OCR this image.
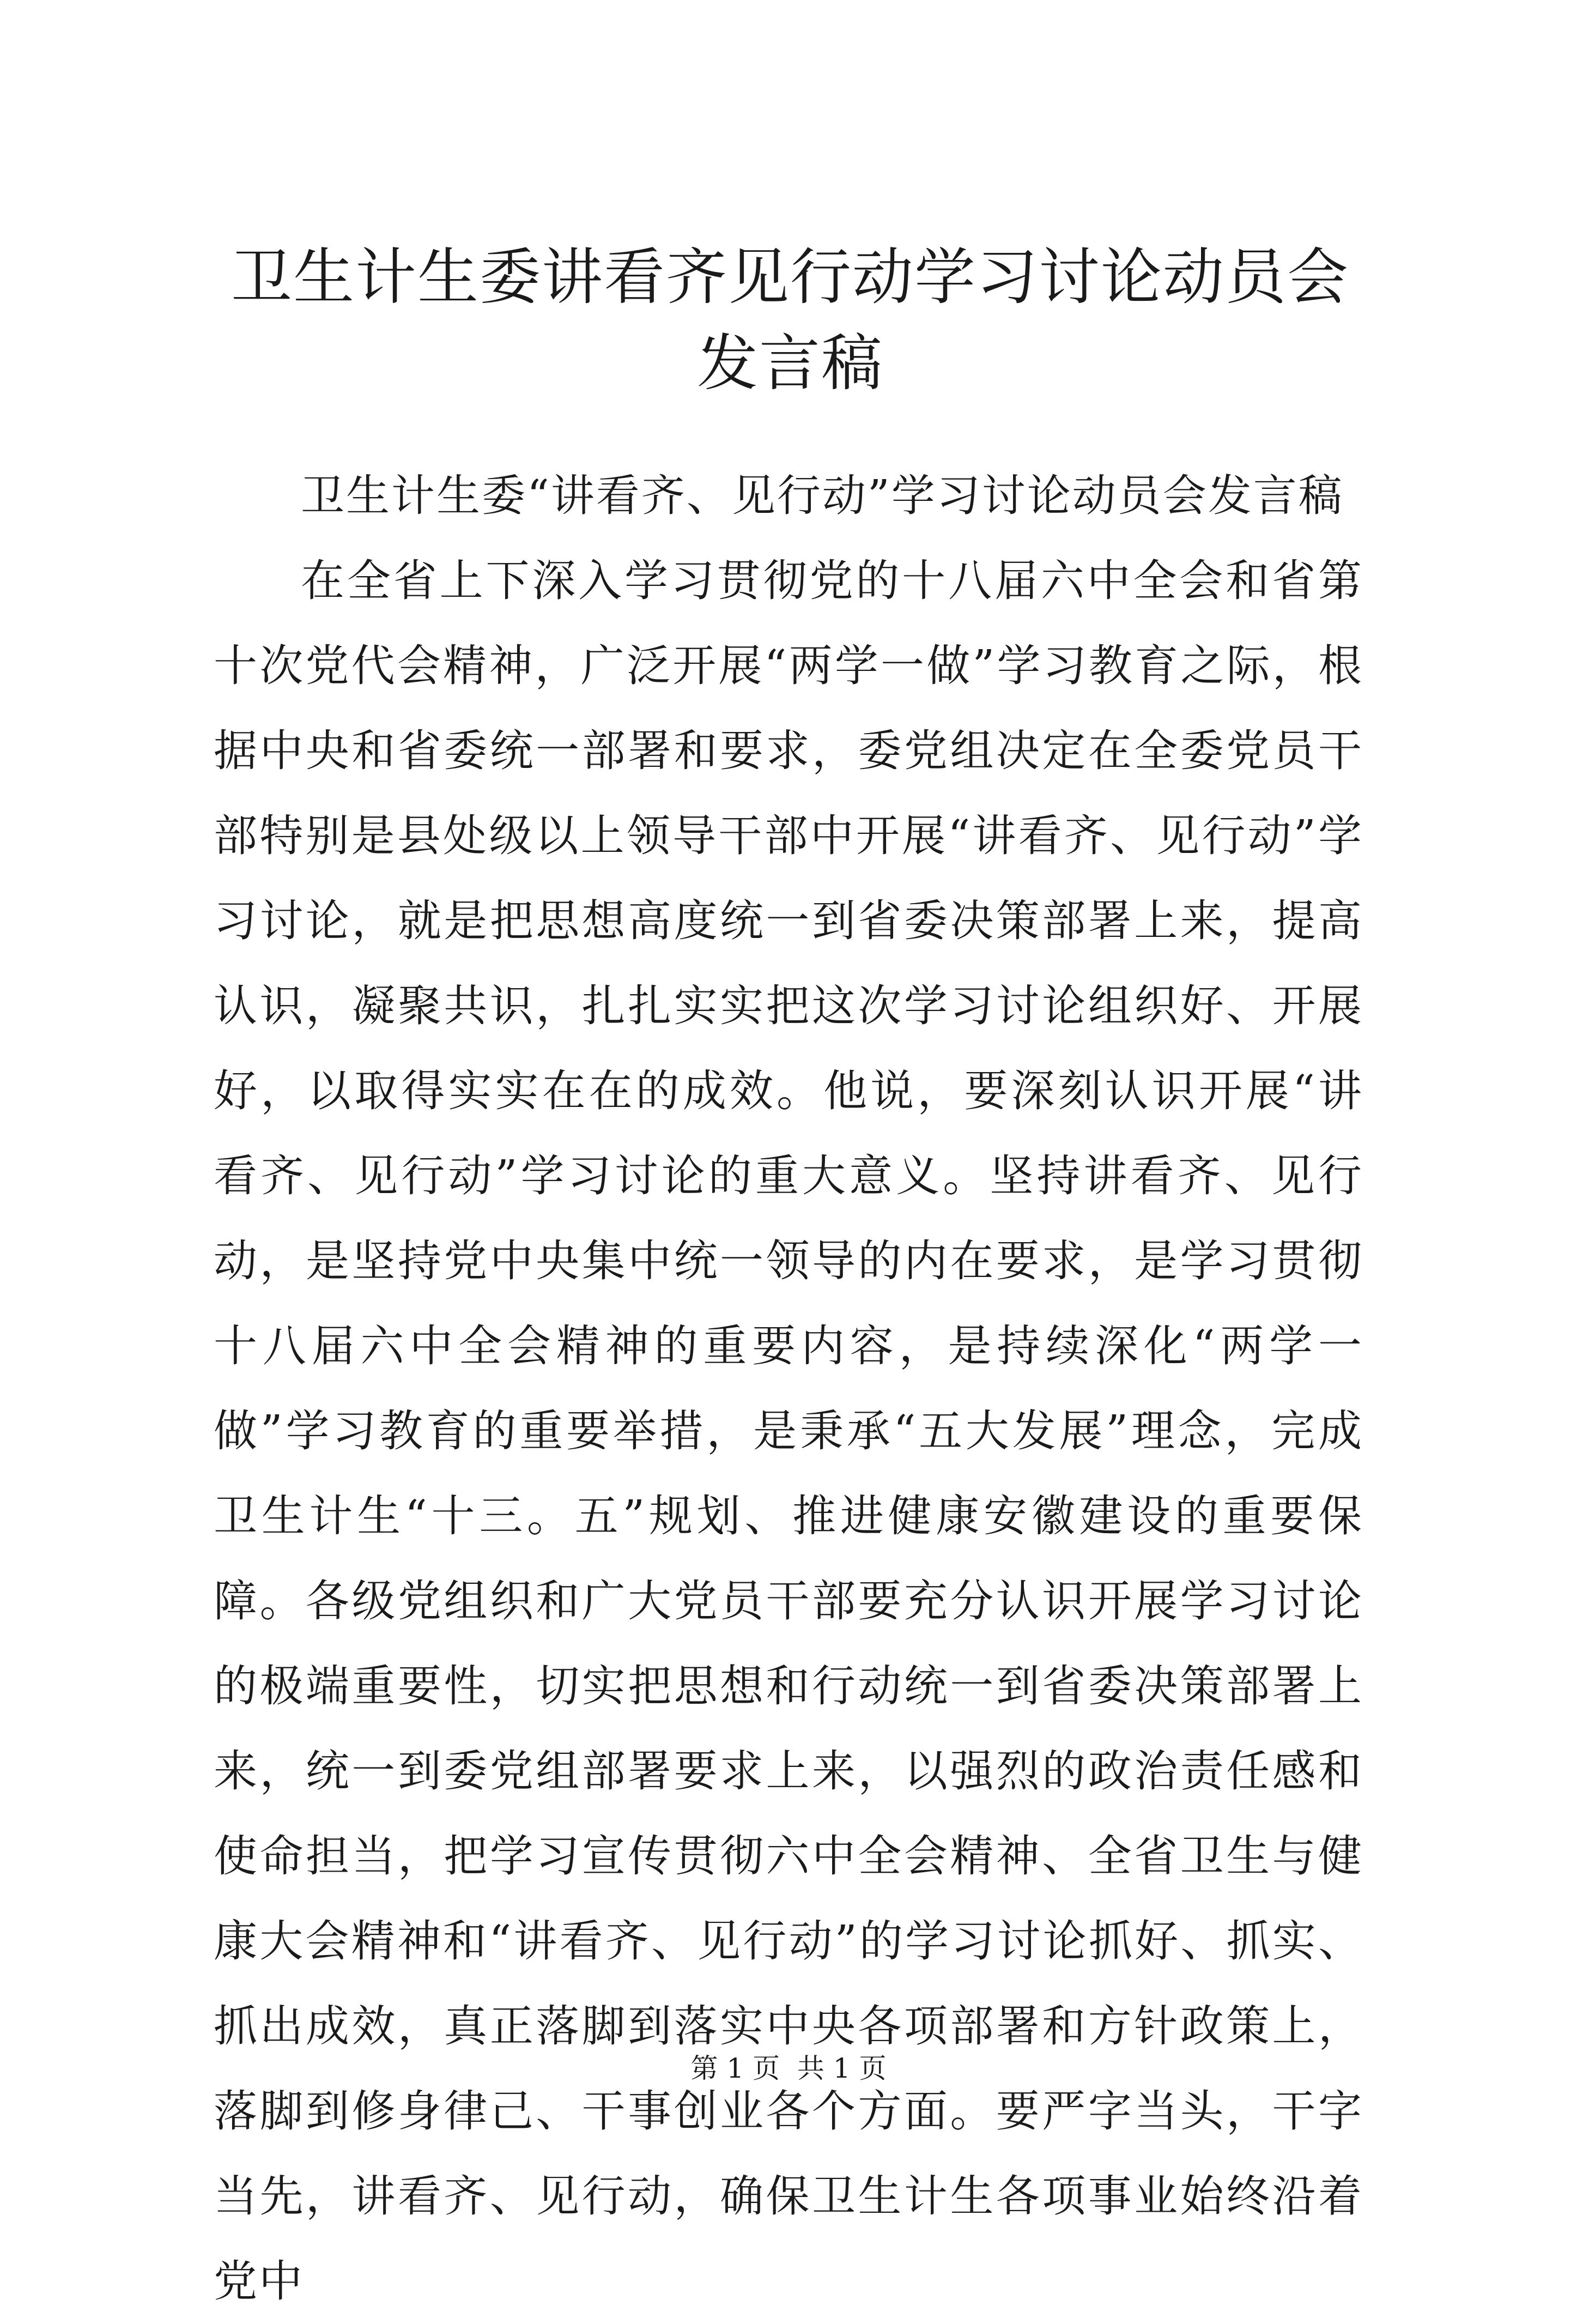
卫生计生委讲看齐见行动学习讨论动员会发言稿

卫生计生委“讲看齐、见行动”学习讨论动员会发言稿

在全省上下深入学习贯彻党的十八届六中全会和省第十次党代会精神，广泛开展“两学一做”学习教育之际，根据中央和省委统一部署和要求，委党组决定在全委党员干部特别是县处级以上领导干部中开展“讲看齐、见行动”学习讨论，就是把思想高度统一到省委决策部署上来，提高认识，凝聚共识，扎扎实实把这次学习讨论组织好、开展好，以取得实实在在的成效。他说，要深刻认识开展“讲看齐、见行动”学习讨论的重大意义。坚持讲看齐、见行动，是坚持党中央集中统一领导的内在要求，是学习贯彻十八届六中全会精神的重要内容，是持续深化“两学一做”学习教育的重要举措，是秉承“五大发展”理念，完成卫生计生“十三。五”规划、推进健康安徽建设的重要保障。各级党组织和广大党员干部要充分认识开展学习讨论的极端重要性，切实把思想和行动统一到省委决策部署上来，统一到委党组部署要求上来，以强烈的政治责任感和使命担当，把学习宣传贯彻六中全会精神、全省卫生与健康大会精神和“讲看齐、见行动”的学习讨论抓好、抓实、抓出成效，真正落脚到落实中央各项部署和方针政策上，落脚到修身律己、干事创业各个方面。要严字当头，干字当先，讲看齐、见行动，确保卫生计生各项事业始终沿着党中

第 1 页 共 1 页
